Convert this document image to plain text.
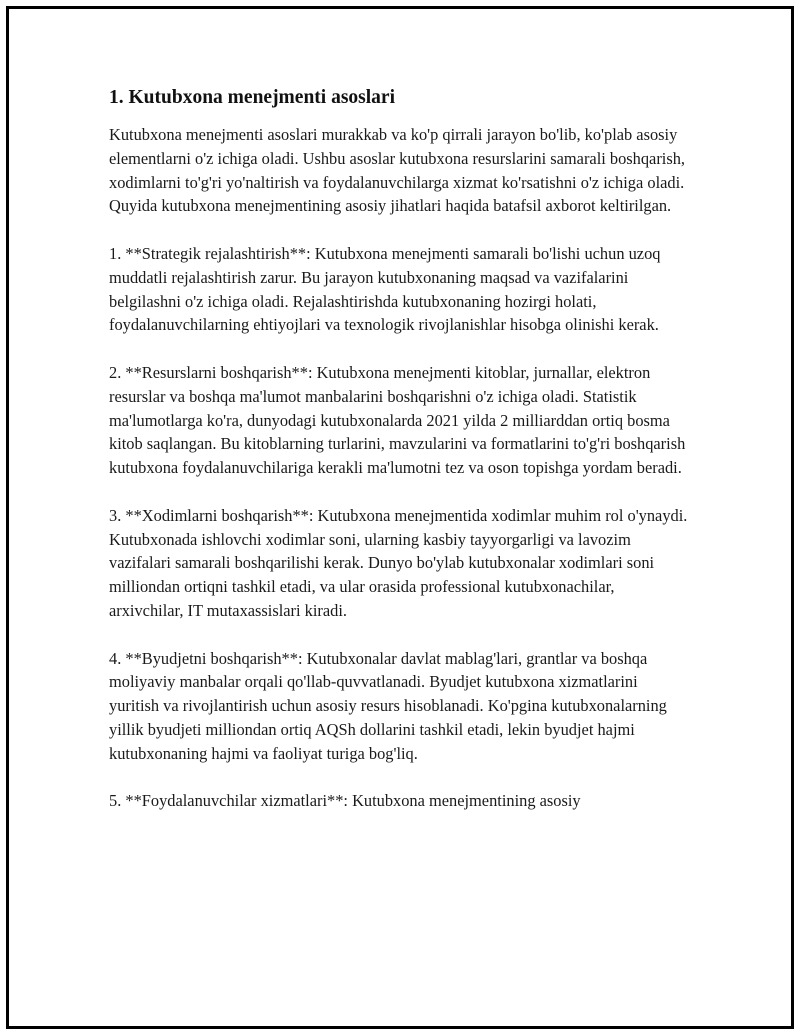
1. Kutubxona menejmenti asoslari

Kutubxona menejmenti asoslari murakkab va ko'p qirrali jarayon bo'lib, ko'plab asosiy elementlarni o'z ichiga oladi. Ushbu asoslar kutubxona resurslarini samarali boshqarish, xodimlarni to'g'ri yo'naltirish va foydalanuvchilarga xizmat ko'rsatishni o'z ichiga oladi. Quyida kutubxona menejmentining asosiy jihatlari haqida batafsil axborot keltirilgan.

1. **Strategik rejalashtirish**: Kutubxona menejmenti samarali bo'lishi uchun uzoq muddatli rejalashtirish zarur. Bu jarayon kutubxonaning maqsad va vazifalarini belgilashni o'z ichiga oladi. Rejalashtirishda kutubxonaning hozirgi holati, foydalanuvchilarning ehtiyojlari va texnologik rivojlanishlar hisobga olinishi kerak.

2. **Resurslarni boshqarish**: Kutubxona menejmenti kitoblar, jurnallar, elektron resurslar va boshqa ma'lumot manbalarini boshqarishni o'z ichiga oladi. Statistik ma'lumotlarga ko'ra, dunyodagi kutubxonalarda 2021 yilda 2 milliarddan ortiq bosma kitob saqlangan. Bu kitoblarning turlarini, mavzularini va formatlarini to'g'ri boshqarish kutubxona foydalanuvchilariga kerakli ma'lumotni tez va oson topishga yordam beradi.

3. **Xodimlarni boshqarish**: Kutubxona menejmentida xodimlar muhim rol o'ynaydi. Kutubxonada ishlovchi xodimlar soni, ularning kasbiy tayyorgarligi va lavozim vazifalari samarali boshqarilishi kerak. Dunyo bo'ylab kutubxonalar xodimlari soni milliondan ortiqni tashkil etadi, va ular orasida professional kutubxonachilar, arxivchilar, IT mutaxassislari kiradi.

4. **Byudjetni boshqarish**: Kutubxonalar davlat mablag'lari, grantlar va boshqa moliyaviy manbalar orqali qo'llab-quvvatlanadi. Byudjet kutubxona xizmatlarini yuritish va rivojlantirish uchun asosiy resurs hisoblanadi. Ko'pgina kutubxonalarning yillik byudjeti milliondan ortiq AQSh dollarini tashkil etadi, lekin byudjet hajmi kutubxonaning hajmi va faoliyat turiga bog'liq.

5. **Foydalanuvchilar xizmatlari**: Kutubxona menejmentining asosiy
